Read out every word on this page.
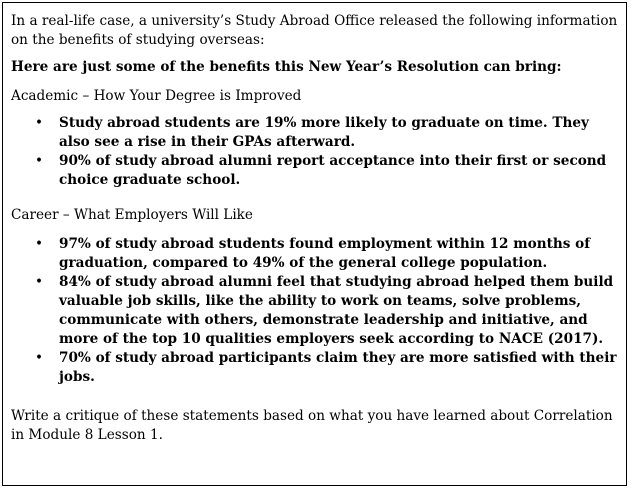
In a real-life case, a university’s Study Abroad Office released the following information on the benefits of studying overseas:

Here are just some of the benefits this New Year’s Resolution can bring:

Academic – How Your Degree is Improved

• Study abroad students are 19% more likely to graduate on time. They also see a rise in their GPAs afterward.
• 90% of study abroad alumni report acceptance into their first or second choice graduate school.

Career – What Employers Will Like

• 97% of study abroad students found employment within 12 months of graduation, compared to 49% of the general college population.
• 84% of study abroad alumni feel that studying abroad helped them build valuable job skills, like the ability to work on teams, solve problems, communicate with others, demonstrate leadership and initiative, and more of the top 10 qualities employers seek according to NACE (2017).
• 70% of study abroad participants claim they are more satisfied with their jobs.

Write a critique of these statements based on what you have learned about Correlation in Module 8 Lesson 1.
